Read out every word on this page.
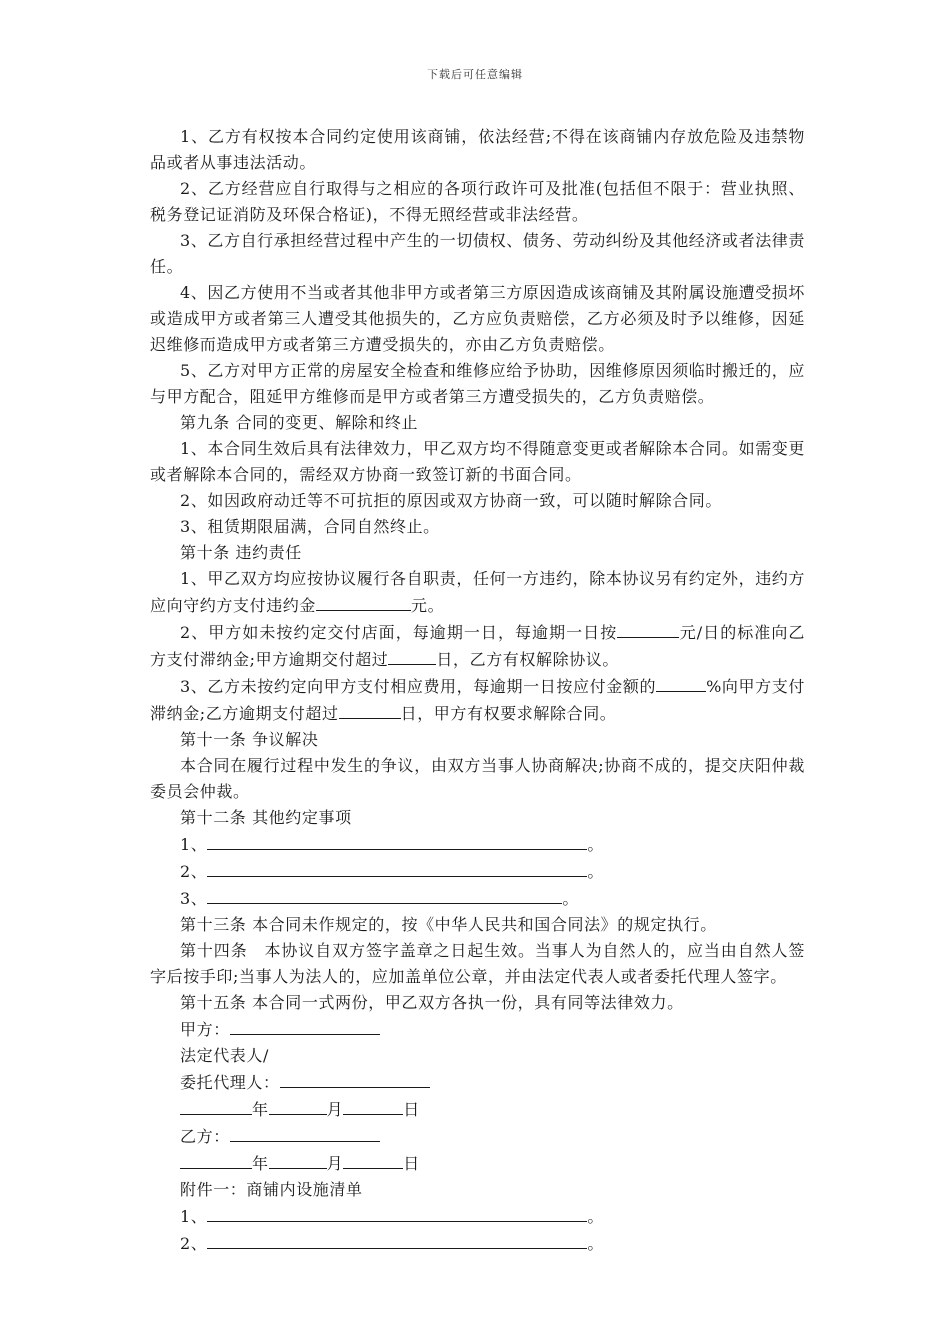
下载后可任意编辑

1、乙方有权按本合同约定使用该商铺，依法经营;不得在该商铺内存放危险及违禁物品或者从事违法活动。

2、乙方经营应自行取得与之相应的各项行政许可及批准(包括但不限于：营业执照、税务登记证消防及环保合格证)，不得无照经营或非法经营。

3、乙方自行承担经营过程中产生的一切债权、债务、劳动纠纷及其他经济或者法律责任。

4、因乙方使用不当或者其他非甲方或者第三方原因造成该商铺及其附属设施遭受损坏或造成甲方或者第三人遭受其他损失的，乙方应负责赔偿，乙方必须及时予以维修，因延迟维修而造成甲方或者第三方遭受损失的，亦由乙方负责赔偿。

5、乙方对甲方正常的房屋安全检查和维修应给予协助，因维修原因须临时搬迁的，应与甲方配合，阻延甲方维修而是甲方或者第三方遭受损失的，乙方负责赔偿。

第九条 合同的变更、解除和终止

1、本合同生效后具有法律效力，甲乙双方均不得随意变更或者解除本合同。如需变更或者解除本合同的，需经双方协商一致签订新的书面合同。

2、如因政府动迁等不可抗拒的原因或双方协商一致，可以随时解除合同。

3、租赁期限届满，合同自然终止。

第十条 违约责任

1、甲乙双方均应按协议履行各自职责，任何一方违约，除本协议另有约定外，违约方应向守约方支付违约金	元。

2、甲方如未按约定交付店面，每逾期一日，每逾期一日按	元/日的标准向乙方支付滞纳金;甲方逾期交付超过	日，乙方有权解除协议。

3、乙方未按约定向甲方支付相应费用，每逾期一日按应付金额的	%向甲方支付滞纳金;乙方逾期支付超过	日，甲方有权要求解除合同。

第十一条 争议解决

本合同在履行过程中发生的争议，由双方当事人协商解决;协商不成的，提交庆阳仲裁委员会仲裁。

第十二条 其他约定事项

1、	。

2、	。

3、	。

第十三条 本合同未作规定的，按《中华人民共和国合同法》的规定执行。

第十四条　本协议自双方签字盖章之日起生效。当事人为自然人的，应当由自然人签字后按手印;当事人为法人的，应加盖单位公章，并由法定代表人或者委托代理人签字。

第十五条 本合同一式两份，甲乙双方各执一份，具有同等法律效力。

甲方：

法定代表人/

委托代理人：

年	月	日

乙方：

年	月	日

附件一：商铺内设施清单

1、	。

2、	。
